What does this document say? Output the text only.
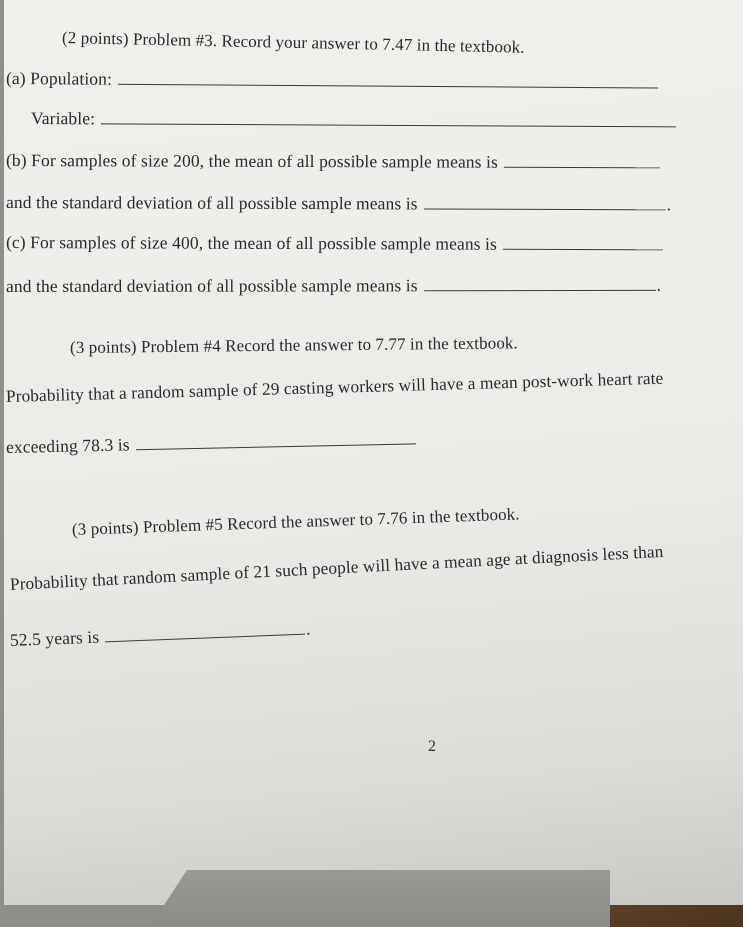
(2 points) Problem #3. Record your answer to 7.47 in the textbook.
(a) Population:
Variable:
(b) For samples of size 200, the mean of all possible sample means is
and the standard deviation of all possible sample means is	.
(c) For samples of size 400, the mean of all possible sample means is
and the standard deviation of all possible sample means is	.
(3 points) Problem #4 Record the answer to 7.77 in the textbook.
Probability that a random sample of 29 casting workers will have a mean post-work heart rate
exceeding 78.3 is
(3 points) Problem #5 Record the answer to 7.76 in the textbook.
Probability that random sample of 21 such people will have a mean age at diagnosis less than
52.5 years is	.
2
